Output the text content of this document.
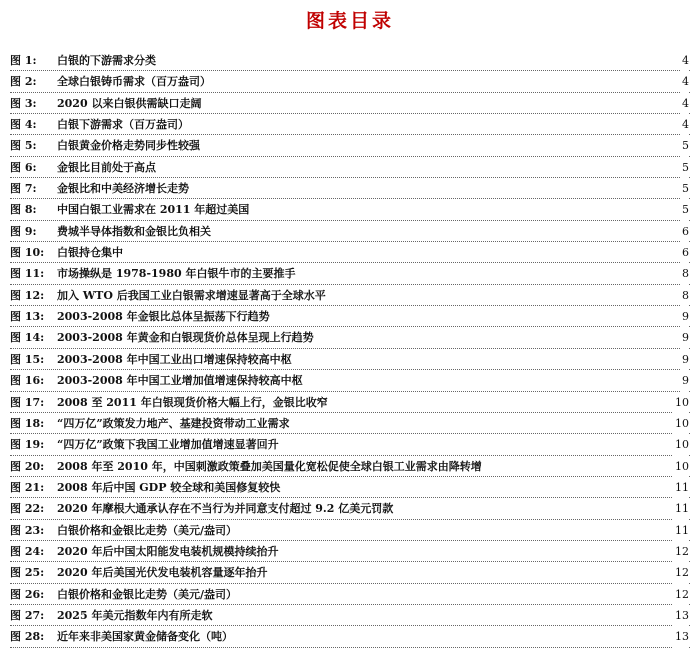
图表目录
图 1: 白银的下游需求分类	4
图 2: 全球白银铸币需求（百万盎司）	4
图 3: 2020 以来白银供需缺口走阔	4
图 4: 白银下游需求（百万盎司）	4
图 5: 白银黄金价格走势同步性较强	5
图 6: 金银比目前处于高点	5
图 7: 金银比和中美经济增长走势	5
图 8: 中国白银工业需求在 2011 年超过美国	5
图 9: 费城半导体指数和金银比负相关	6
图 10: 白银持仓集中	6
图 11: 市场操纵是 1978-1980 年白银牛市的主要推手	8
图 12: 加入 WTO 后我国工业白银需求增速显著高于全球水平	8
图 13: 2003-2008 年金银比总体呈振荡下行趋势	9
图 14: 2003-2008 年黄金和白银现货价总体呈现上行趋势	9
图 15: 2003-2008 年中国工业出口增速保持较高中枢	9
图 16: 2003-2008 年中国工业增加值增速保持较高中枢	9
图 17: 2008 至 2011 年白银现货价格大幅上行，金银比收窄	10
图 18: “四万亿”政策发力地产、基建投资带动工业需求	10
图 19: “四万亿”政策下我国工业增加值增速显著回升	10
图 20: 2008 年至 2010 年，中国刺激政策叠加美国量化宽松促使全球白银工业需求由降转增	10
图 21: 2008 年后中国 GDP 较全球和美国修复较快	11
图 22: 2020 年摩根大通承认存在不当行为并同意支付超过 9.2 亿美元罚款	11
图 23: 白银价格和金银比走势（美元/盎司）	11
图 24: 2020 年后中国太阳能发电装机规模持续抬升	12
图 25: 2020 年后美国光伏发电装机容量逐年抬升	12
图 26: 白银价格和金银比走势（美元/盎司）	12
图 27: 2025 年美元指数年内有所走软	13
图 28: 近年来非美国家黄金储备变化（吨）	13
